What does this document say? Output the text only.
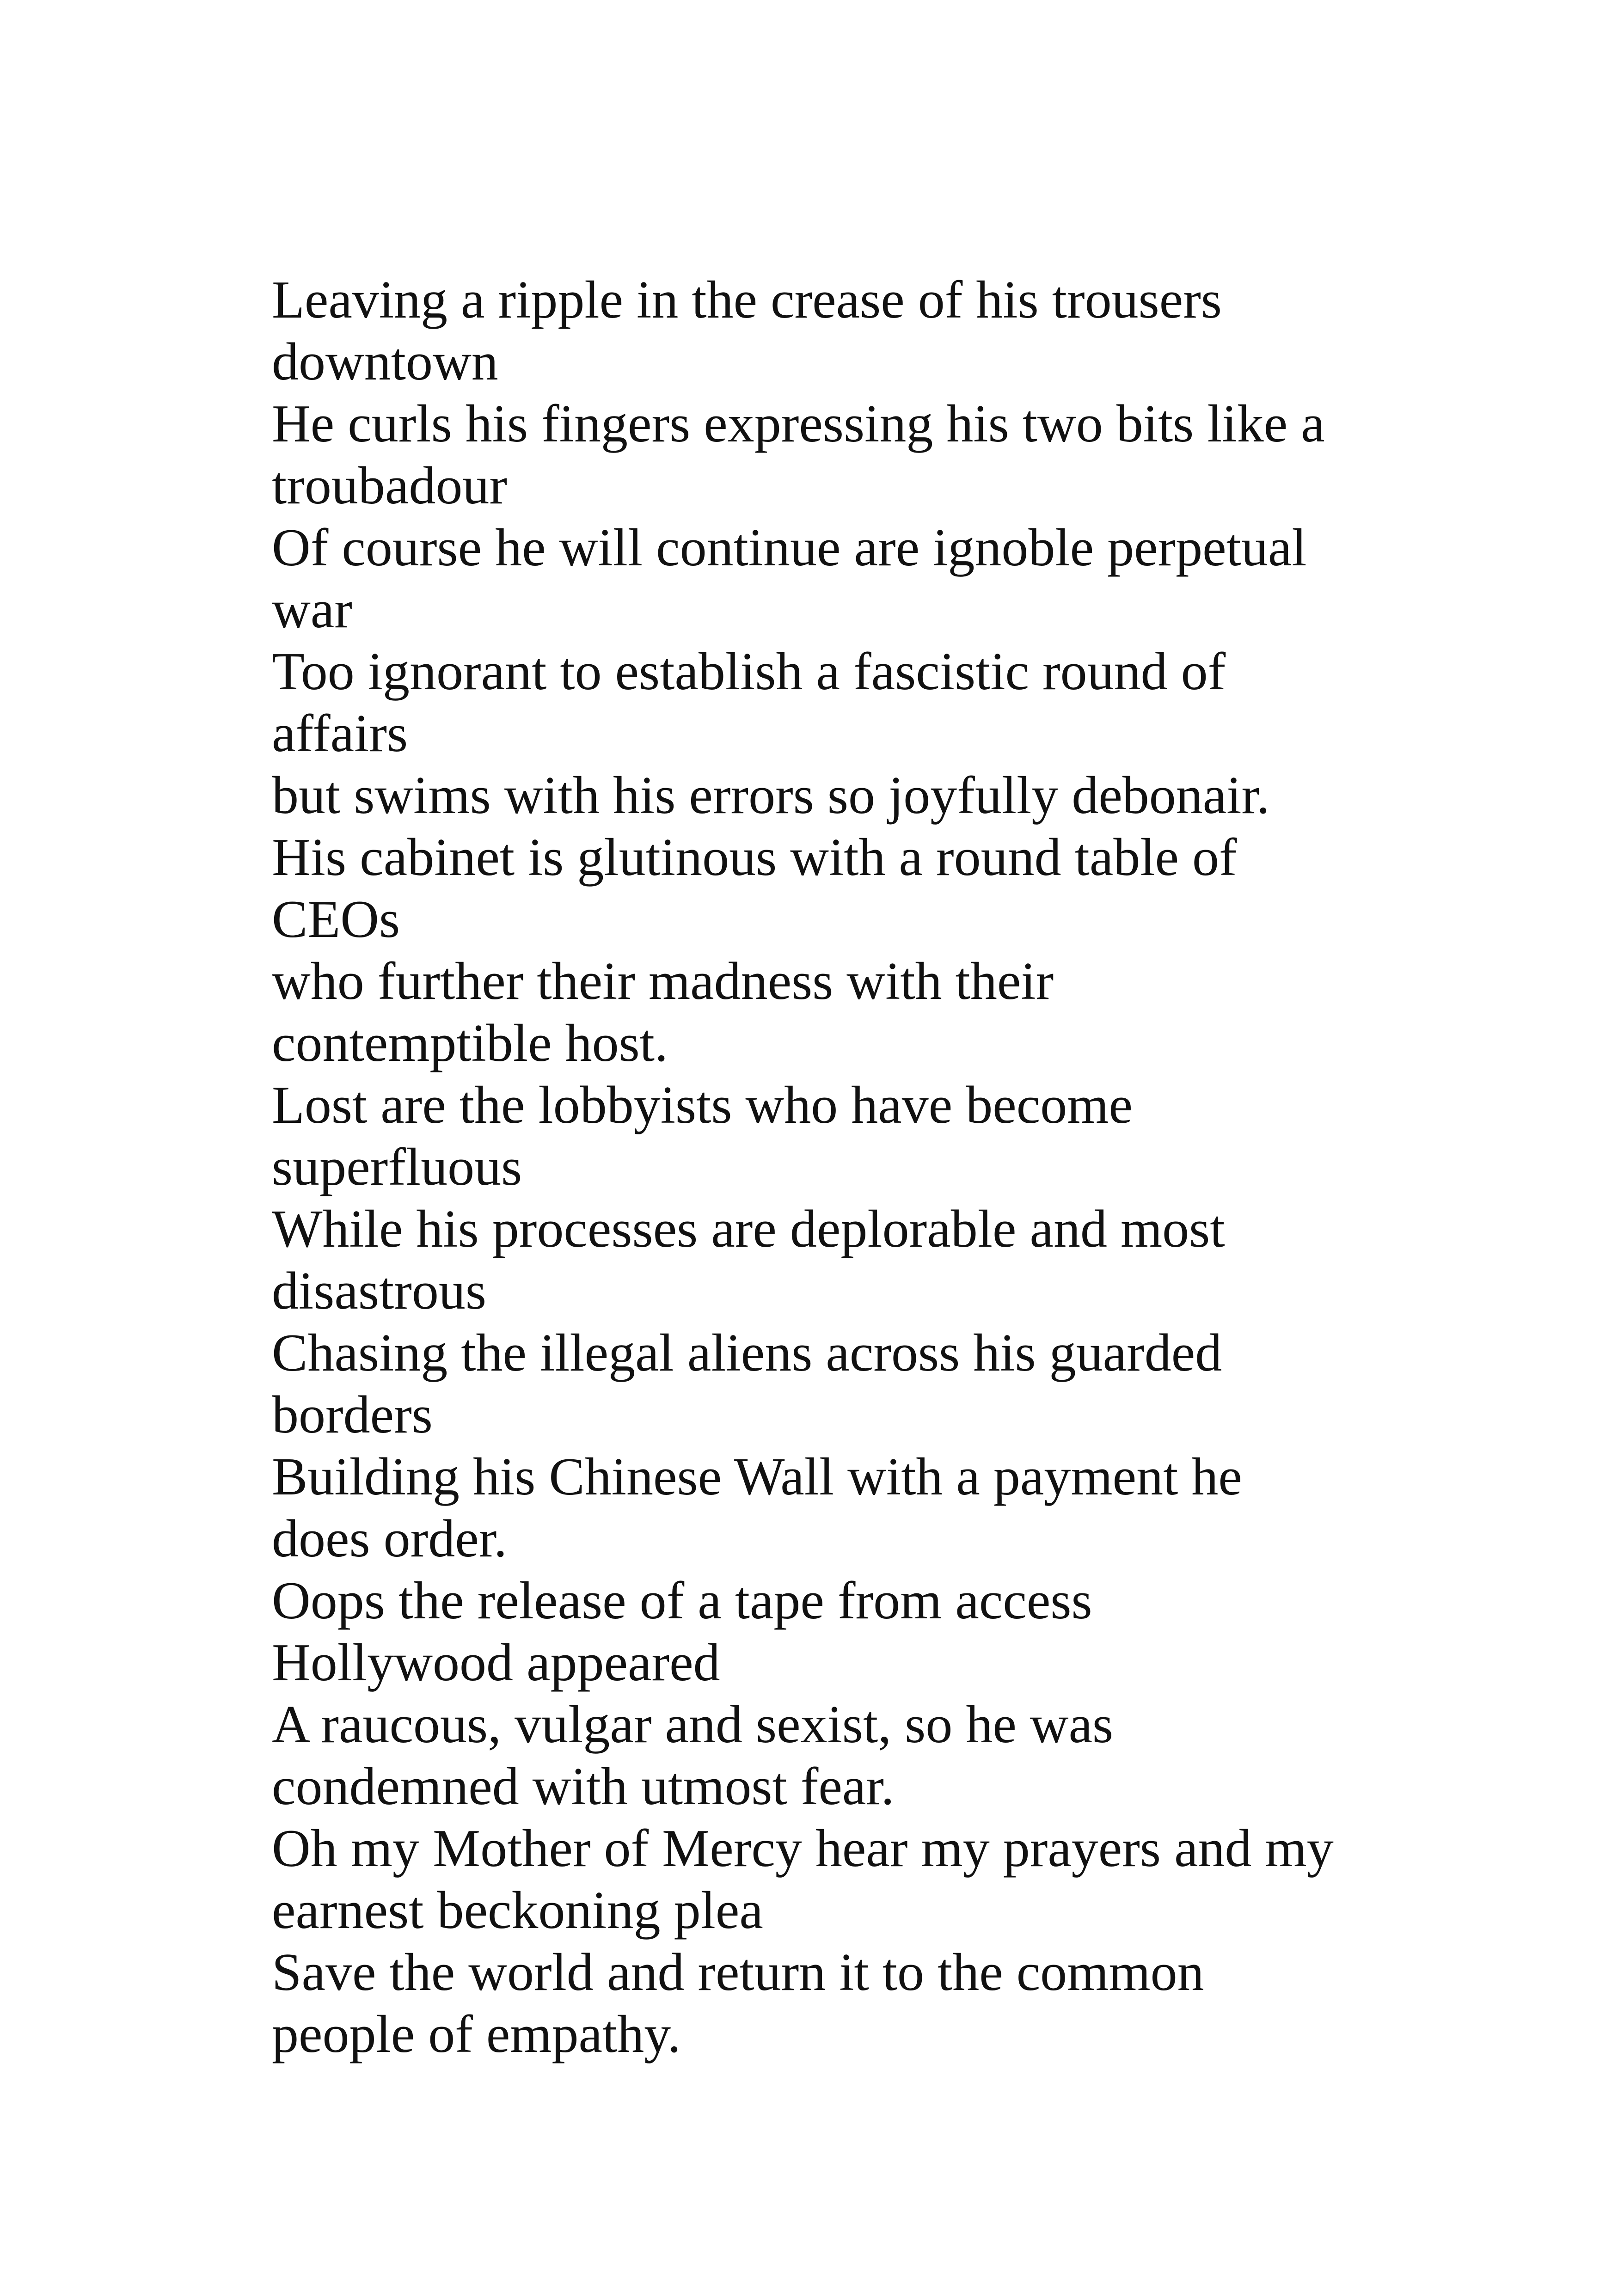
Leaving a ripple in the crease of his trousers
downtown
He curls his fingers expressing his two bits like a
troubadour
Of course he will continue are ignoble perpetual
war
Too ignorant to establish a fascistic round of
affairs
but swims with his errors so joyfully debonair.
His cabinet is glutinous with a round table of
CEOs
who further their madness with their
contemptible host.
Lost are the lobbyists who have become
superfluous
While his processes are deplorable and most
disastrous
Chasing the illegal aliens across his guarded
borders
Building his Chinese Wall with a payment he
does order.
Oops the release of a tape from access
Hollywood appeared
A raucous, vulgar and sexist, so he was
condemned with utmost fear.
Oh my Mother of Mercy hear my prayers and my
earnest beckoning plea
Save the world and return it to the common
people of empathy.
